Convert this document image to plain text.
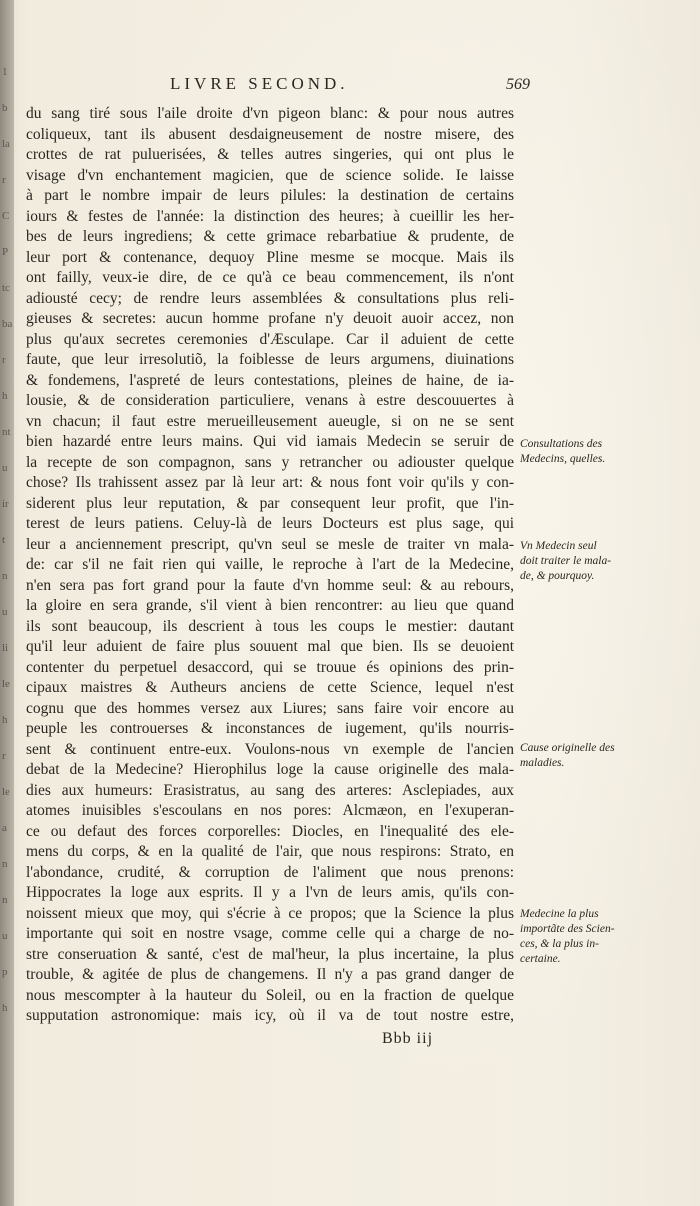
1
b
la
r
C
P
tc
ba
r
h
nt
u
ir
t
n
u
li
le
h
r
le
a
n
n
u
p
h
LIVRE SECOND.	569
du sang tiré sous l'aile droite d'vn pigeon blanc: & pour nous autres
coliqueux, tant ils abusent desdaigneusement de nostre misere, des
crottes de rat puluerisées, & telles autres singeries, qui ont plus le
visage d'vn enchantement magicien, que de science solide. Ie laisse
à part le nombre impair de leurs pilules: la destination de certains
iours & festes de l'année: la distinction des heures; à cueillir les her-
bes de leurs ingrediens; & cette grimace rebarbatiue & prudente, de
leur port & contenance, dequoy Pline mesme se mocque. Mais ils
ont failly, veux-ie dire, de ce qu'à ce beau commencement, ils n'ont
adiousté cecy; de rendre leurs assemblées & consultations plus reli-
gieuses & secretes: aucun homme profane n'y deuoit auoir accez, non
plus qu'aux secretes ceremonies d'Æsculape. Car il aduient de cette
faute, que leur irresolutiõ, la foiblesse de leurs argumens, diuinations
& fondemens, l'aspreté de leurs contestations, pleines de haine, de ia-
lousie, & de consideration particuliere, venans à estre descouuertes à
vn chacun; il faut estre merueilleusement aueugle, si on ne se sent
bien hazardé entre leurs mains. Qui vid iamais Medecin se seruir de
la recepte de son compagnon, sans y retrancher ou adiouster quelque
chose? Ils trahissent assez par là leur art: & nous font voir qu'ils y con-
siderent plus leur reputation, & par consequent leur profit, que l'in-
terest de leurs patiens. Celuy-là de leurs Docteurs est plus sage, qui
leur a anciennement prescript, qu'vn seul se mesle de traiter vn mala-
de: car s'il ne fait rien qui vaille, le reproche à l'art de la Medecine,
n'en sera pas fort grand pour la faute d'vn homme seul: & au rebours,
la gloire en sera grande, s'il vient à bien rencontrer: au lieu que quand
ils sont beaucoup, ils descrient à tous les coups le mestier: dautant
qu'il leur aduient de faire plus souuent mal que bien. Ils se deuoient
contenter du perpetuel desaccord, qui se trouue és opinions des prin-
cipaux maistres & Autheurs anciens de cette Science, lequel n'est
cognu que des hommes versez aux Liures; sans faire voir encore au
peuple les controuerses & inconstances de iugement, qu'ils nourris-
sent & continuent entre-eux. Voulons-nous vn exemple de l'ancien
debat de la Medecine? Hierophilus loge la cause originelle des mala-
dies aux humeurs: Erasistratus, au sang des arteres: Asclepiades, aux
atomes inuisibles s'escoulans en nos pores: Alcmæon, en l'exuperan-
ce ou defaut des forces corporelles: Diocles, en l'inequalité des ele-
mens du corps, & en la qualité de l'air, que nous respirons: Strato, en
l'abondance, crudité, & corruption de l'aliment que nous prenons:
Hippocrates la loge aux esprits. Il y a l'vn de leurs amis, qu'ils con-
noissent mieux que moy, qui s'écrie à ce propos; que la Science la plus
importante qui soit en nostre vsage, comme celle qui a charge de no-
stre conseruation & santé, c'est de mal'heur, la plus incertaine, la plus
trouble, & agitée de plus de changemens. Il n'y a pas grand danger de
nous mescompter à la hauteur du Soleil, ou en la fraction de quelque
supputation astronomique: mais icy, où il va de tout nostre estre,
Consultations des
Medecins, quelles.
Vn Medecin seul
doit traiter le mala-
de, & pourquoy.
Cause originelle des
maladies.
Medecine la plus
importãte des Scien-
ces, & la plus in-
certaine.
Bbb iij
